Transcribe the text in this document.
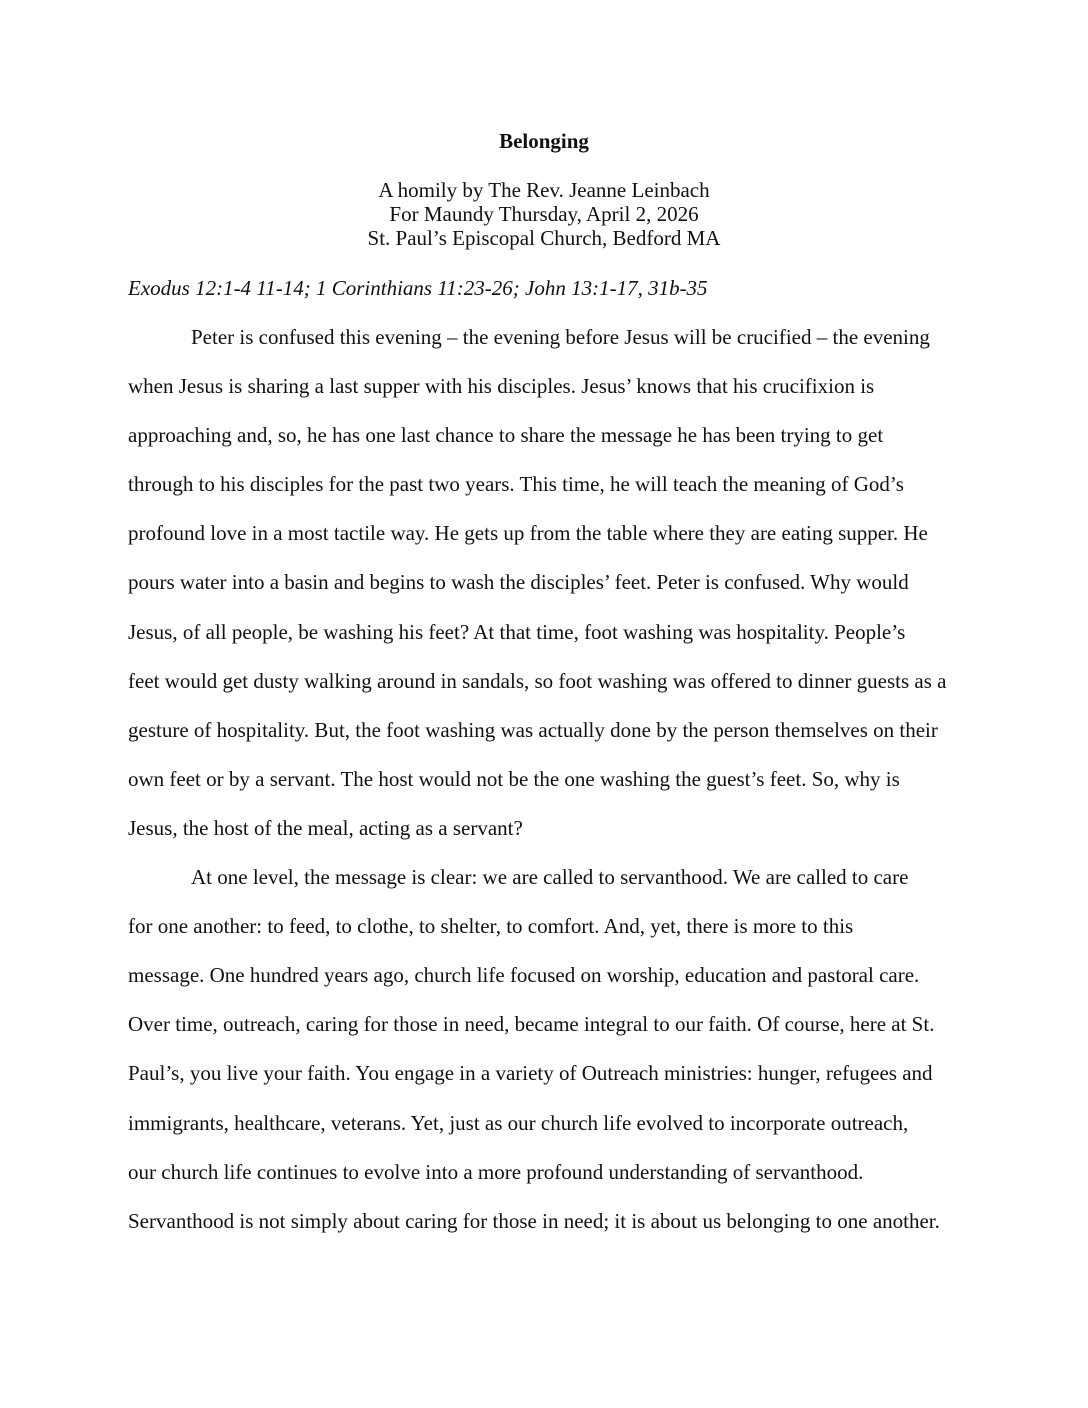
Belonging
A homily by The Rev. Jeanne Leinbach
For Maundy Thursday, April 2, 2026
St. Paul’s Episcopal Church, Bedford MA
Exodus 12:1-4 11-14; 1 Corinthians 11:23-26; John 13:1-17, 31b-35
Peter is confused this evening – the evening before Jesus will be crucified – the evening
when Jesus is sharing a last supper with his disciples. Jesus’ knows that his crucifixion is
approaching and, so, he has one last chance to share the message he has been trying to get
through to his disciples for the past two years. This time, he will teach the meaning of God’s
profound love in a most tactile way. He gets up from the table where they are eating supper. He
pours water into a basin and begins to wash the disciples’ feet. Peter is confused. Why would
Jesus, of all people, be washing his feet? At that time, foot washing was hospitality. People’s
feet would get dusty walking around in sandals, so foot washing was offered to dinner guests as a
gesture of hospitality. But, the foot washing was actually done by the person themselves on their
own feet or by a servant. The host would not be the one washing the guest’s feet. So, why is
Jesus, the host of the meal, acting as a servant?
At one level, the message is clear: we are called to servanthood. We are called to care
for one another: to feed, to clothe, to shelter, to comfort. And, yet, there is more to this
message. One hundred years ago, church life focused on worship, education and pastoral care.
Over time, outreach, caring for those in need, became integral to our faith. Of course, here at St.
Paul’s, you live your faith. You engage in a variety of Outreach ministries: hunger, refugees and
immigrants, healthcare, veterans. Yet, just as our church life evolved to incorporate outreach,
our church life continues to evolve into a more profound understanding of servanthood.
Servanthood is not simply about caring for those in need; it is about us belonging to one another.
